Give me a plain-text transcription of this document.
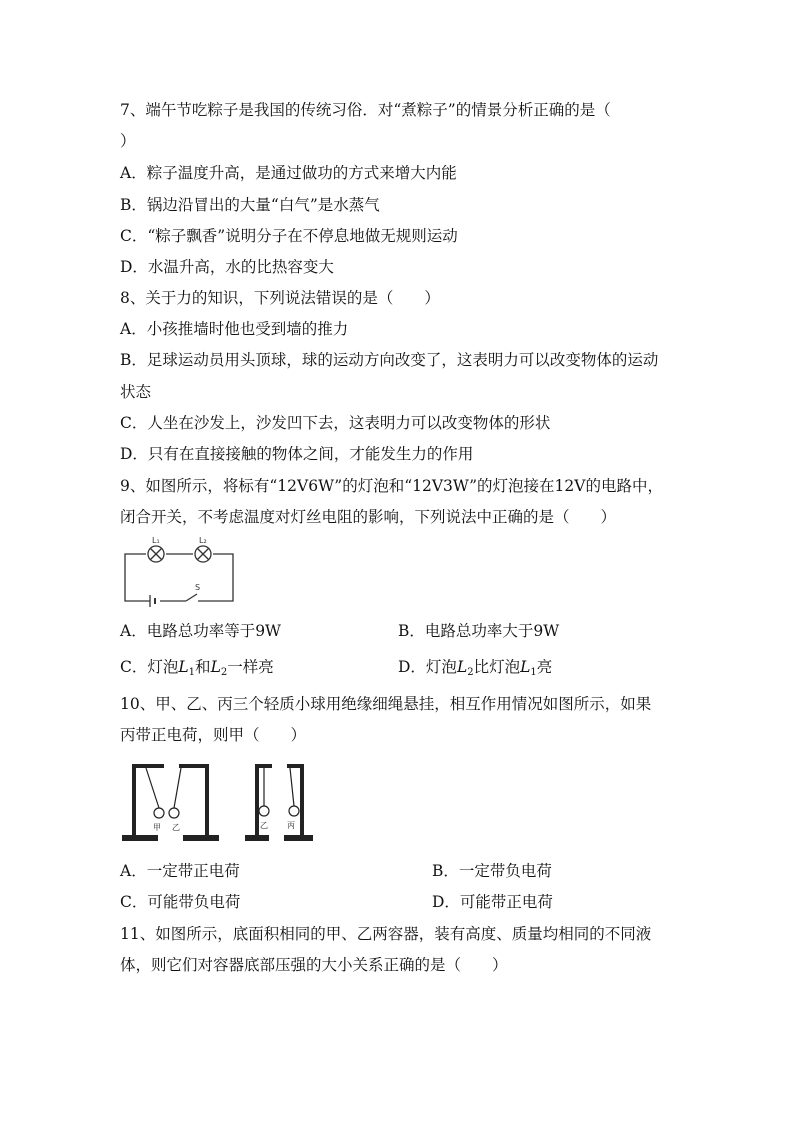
7、端午节吃粽子是我国的传统习俗．对“煮粽子”的情景分析正确的是（
）
A．粽子温度升高，是通过做功的方式来增大内能
B．锅边沿冒出的大量“白气”是水蒸气
C．“粽子飘香”说明分子在不停息地做无规则运动
D．水温升高，水的比热容变大
8、关于力的知识，下列说法错误的是（　　）
A．小孩推墙时他也受到墙的推力
B．足球运动员用头顶球，球的运动方向改变了，这表明力可以改变物体的运动
状态
C．人坐在沙发上，沙发凹下去，这表明力可以改变物体的形状
D．只有在直接接触的物体之间，才能发生力的作用
9、如图所示，将标有“12V6W”的灯泡和“12V3W”的灯泡接在12V的电路中，
闭合开关，不考虑温度对灯丝电阻的影响，下列说法中正确的是（　　）
L₁	L₂
S
A．电路总功率等于9W	B．电路总功率大于9W
C．灯泡$L_1$和$L_2$一样亮	D．灯泡$L_2$比灯泡$L_1$亮
10、甲、乙、丙三个轻质小球用绝缘细绳悬挂，相互作用情况如图所示，如果
丙带正电荷，则甲（　　）
甲 乙	乙 丙
A．一定带正电荷	B．一定带负电荷
C．可能带负电荷	D．可能带正电荷
11、如图所示，底面积相同的甲、乙两容器，装有高度、质量均相同的不同液
体，则它们对容器底部压强的大小关系正确的是（　　）
